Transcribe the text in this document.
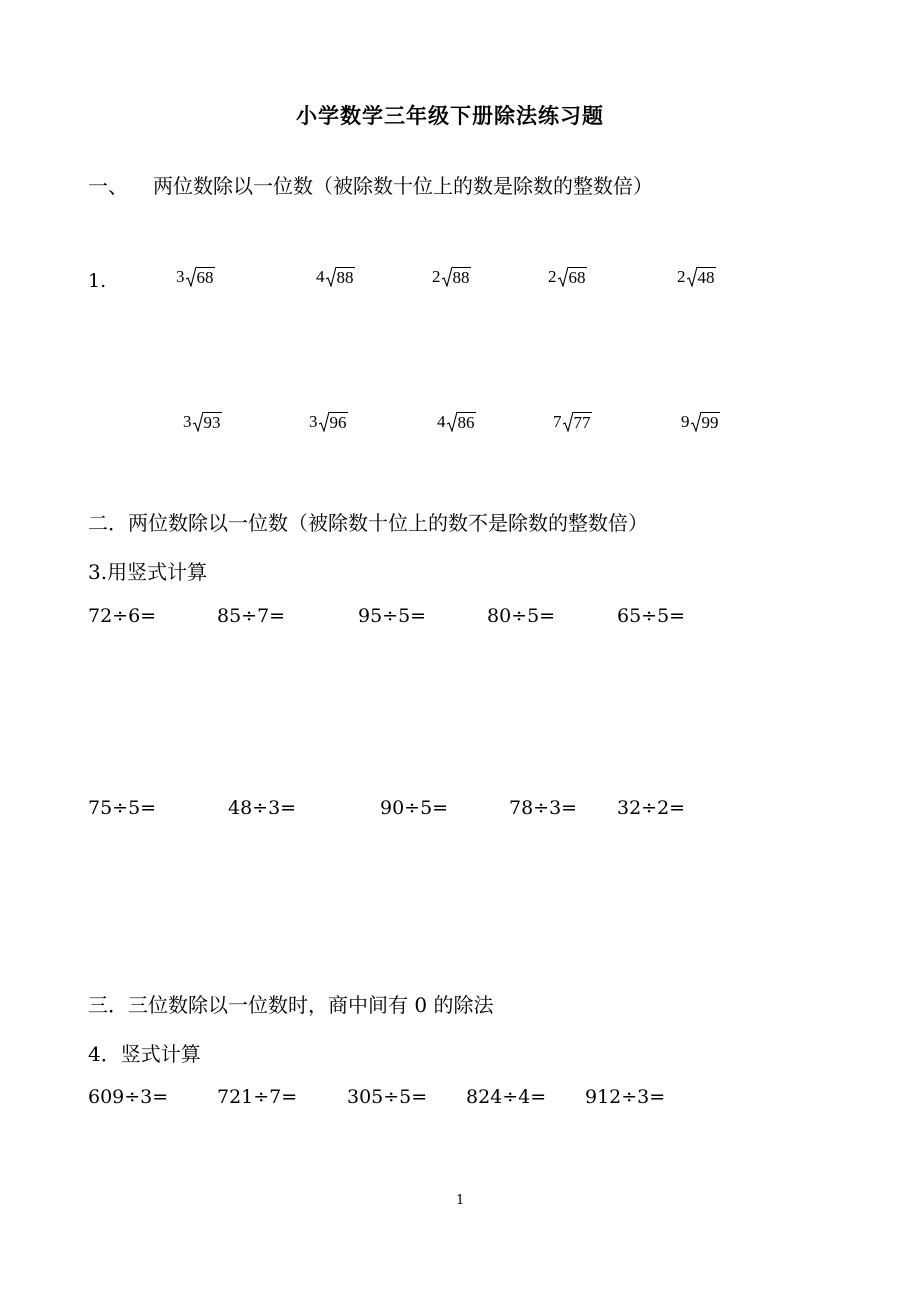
小学数学三年级下册除法练习题
一、 两位数除以一位数（被除数十位上的数是除数的整数倍）
1.	3 68	4 88	2 88	2 68	2 48
3 93	3 96	4 86	7 77	9 99
二．两位数除以一位数（被除数十位上的数不是除数的整数倍）
3.用竖式计算
72÷6=	85÷7=	95÷5=	80÷5=	65÷5=
75÷5=	48÷3=	90÷5=	78÷3= 32÷2=
三．三位数除以一位数时，商中间有 0 的除法
4．竖式计算
609÷3=	721÷7=	305÷5= 824÷4= 912÷3=
1
